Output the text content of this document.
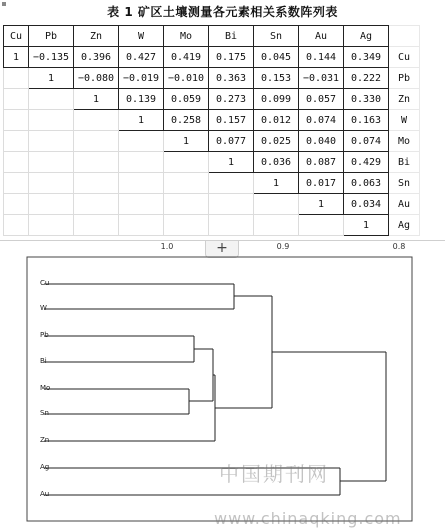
表 1 矿区土壤测量各元素相关系数阵列表
Cu	Pb	Zn	W	Mo	Bi	Sn	Au	Ag	
1	−0.135	0.396	0.427	0.419	0.175	0.045	0.144	0.349	Cu
	1	−0.080	−0.019	−0.010	0.363	0.153	−0.031	0.222	Pb
		1	0.139	0.059	0.273	0.099	0.057	0.330	Zn
			1	0.258	0.157	0.012	0.074	0.163	W
				1	0.077	0.025	0.040	0.074	Mo
					1	0.036	0.087	0.429	Bi
						1	0.017	0.063	Sn
							1	0.034	Au
								1	Ag
1.0	0.9	0.8
+
Cu
W
Pb
Bi
Mo
Sn
Zn
Ag
Au
中国期刊网
www.chinaqking.com
